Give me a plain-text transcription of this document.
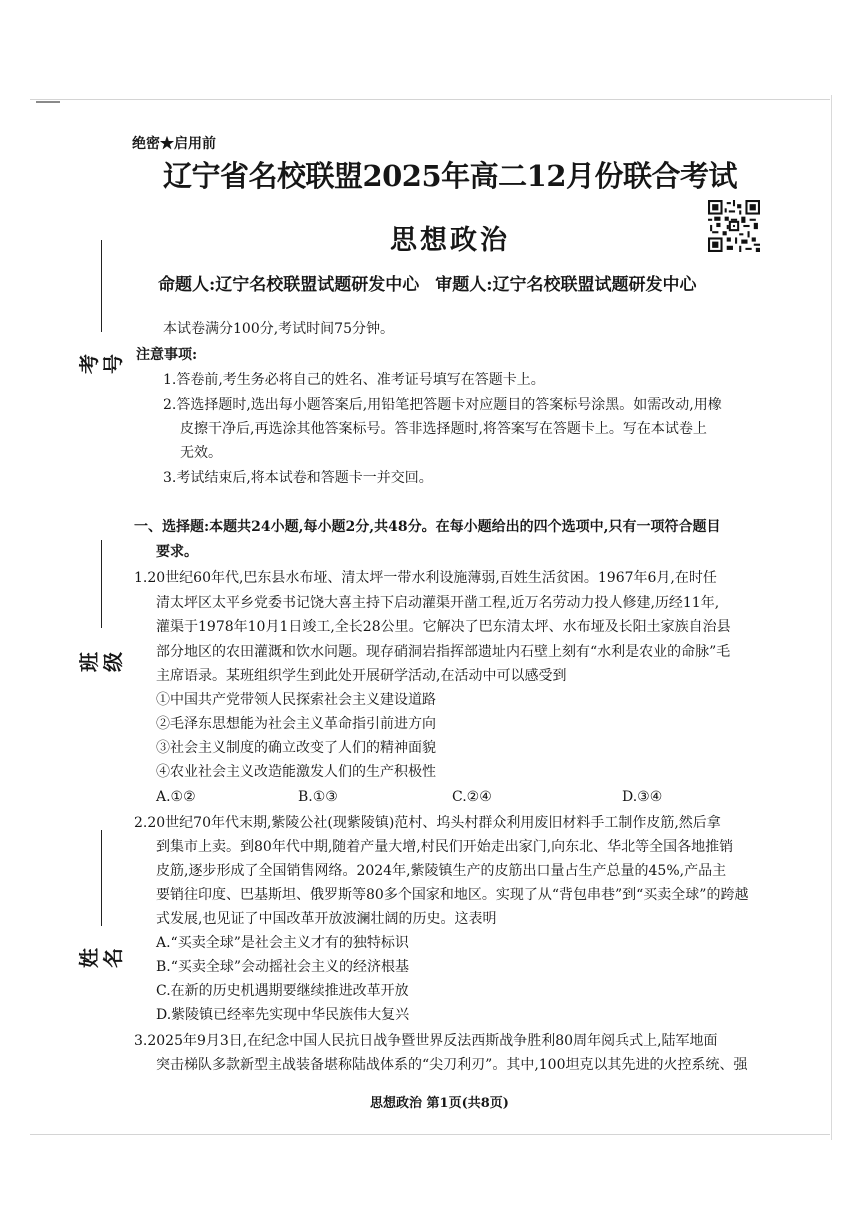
考号
班级
姓名
绝密★启用前
辽宁省名校联盟2025年高二12月份联合考试
思想政治
命题人:辽宁名校联盟试题研发中心 审题人:辽宁名校联盟试题研发中心
本试卷满分100分,考试时间75分钟。
注意事项:
1.答卷前,考生务必将自己的姓名、准考证号填写在答题卡上。
2.答选择题时,选出每小题答案后,用铅笔把答题卡对应题目的答案标号涂黑。如需改动,用橡
皮擦干净后,再选涂其他答案标号。答非选择题时,将答案写在答题卡上。写在本试卷上
无效。
3.考试结束后,将本试卷和答题卡一并交回。
一、选择题:本题共24小题,每小题2分,共48分。在每小题给出的四个选项中,只有一项符合题目
要求。
1.20世纪60年代,巴东县水布垭、清太坪一带水利设施薄弱,百姓生活贫困。1967年6月,在时任
清太坪区太平乡党委书记饶大喜主持下启动灌渠开凿工程,近万名劳动力投人修建,历经11年,
灌渠于1978年10月1日竣工,全长28公里。它解决了巴东清太坪、水布垭及长阳土家族自治县
部分地区的农田灌溉和饮水问题。现存硝洞岩指挥部遗址内石壁上刻有“水利是农业的命脉”毛
主席语录。某班组织学生到此处开展研学活动,在活动中可以感受到
①中国共产党带领人民探索社会主义建设道路
②毛泽东思想能为社会主义革命指引前进方向
③社会主义制度的确立改变了人们的精神面貌
④农业社会主义改造能激发人们的生产积极性
A.①②	B.①③	C.②④	D.③④
2.20世纪70年代末期,紫陵公社(现紫陵镇)范村、坞头村群众利用废旧材料手工制作皮筋,然后拿
到集市上卖。到80年代中期,随着产量大增,村民们开始走出家门,向东北、华北等全国各地推销
皮筋,逐步形成了全国销售网络。2024年,紫陵镇生产的皮筋出口量占生产总量的45%,产品主
要销往印度、巴基斯坦、俄罗斯等80多个国家和地区。实现了从“背包串巷”到“买卖全球”的跨越
式发展,也见证了中国改革开放波澜壮阔的历史。这表明
A.“买卖全球”是社会主义才有的独特标识
B.“买卖全球”会动摇社会主义的经济根基
C.在新的历史机遇期要继续推进改革开放
D.紫陵镇已经率先实现中华民族伟大复兴
3.2025年9月3日,在纪念中国人民抗日战争暨世界反法西斯战争胜利80周年阅兵式上,陆军地面
突击梯队多款新型主战装备堪称陆战体系的“尖刀利刃”。其中,100坦克以其先进的火控系统、强
思想政治 第1页(共8页)
